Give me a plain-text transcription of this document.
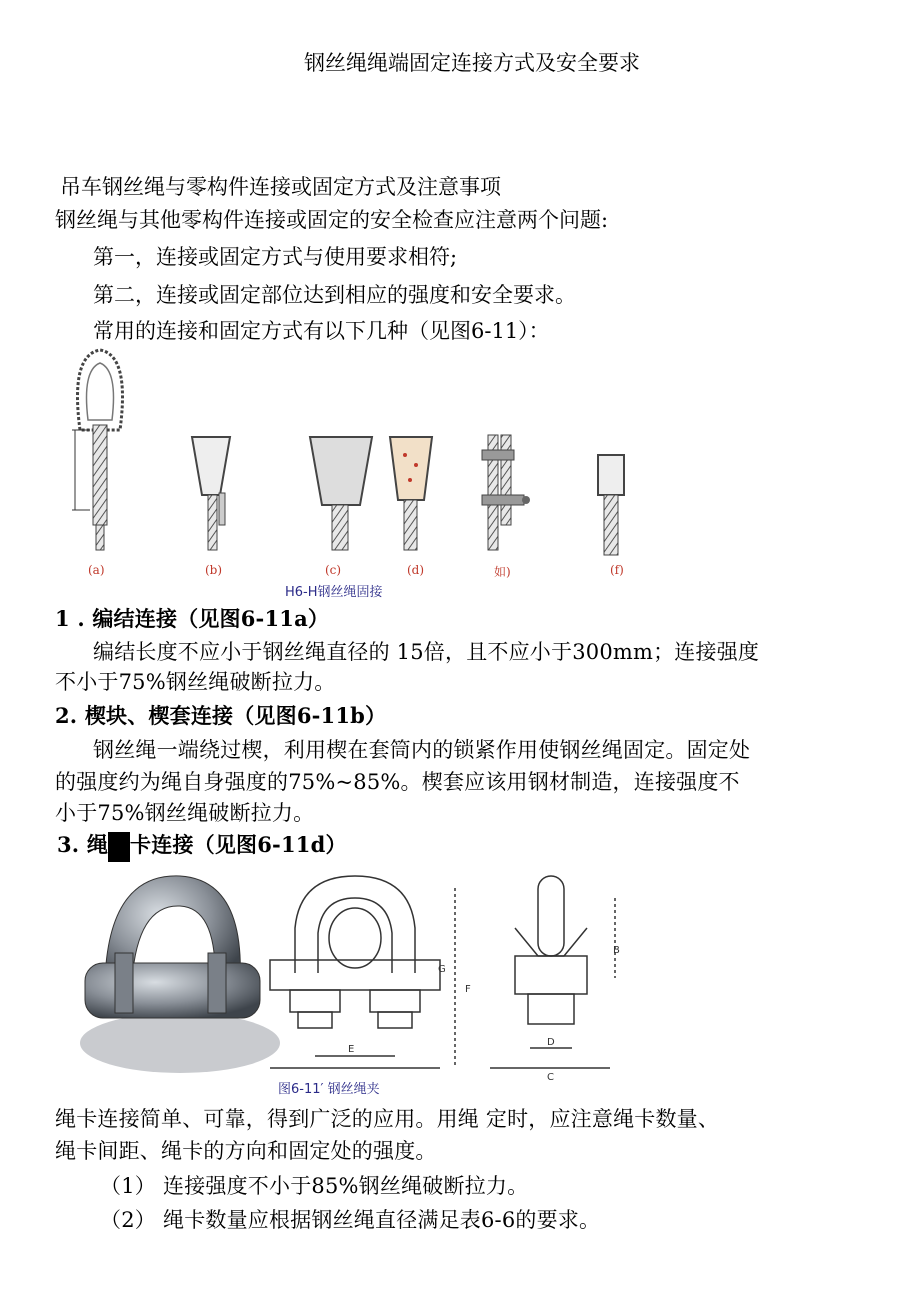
钢丝绳绳端固定连接方式及安全要求
吊车钢丝绳与零构件连接或固定方式及注意事项
钢丝绳与其他零构件连接或固定的安全检查应注意两个问题:
第一，连接或固定方式与使用要求相符;
第二，连接或固定部位达到相应的强度和安全要求。
常用的连接和固定方式有以下几种（见图6-11）：
(a)	(b)	(c)	(d)	如)	(f)
H6-H钢丝绳固接
1 . 编结连接（见图6-11a）
编结长度不应小于钢丝绳直径的 15倍，且不应小于300mm；连接强度
不小于75%钢丝绳破断拉力。
2. 楔块、楔套连接（见图6-11b）
钢丝绳一端绕过楔，利用楔在套筒内的锁紧作用使钢丝绳固定。固定处
的强度约为绳自身强度的75%~85%。楔套应该用钢材制造，连接强度不
小于75%钢丝绳破断拉力。
3. 绳 卡连接（见图6-11d）
E
G
F
B
D
C
图6-11′ 钢丝绳夹
绳卡连接简单、可靠，得到广泛的应用。用绳 定时，应注意绳卡数量、
绳卡间距、绳卡的方向和固定处的强度。
（1） 连接强度不小于85%钢丝绳破断拉力。
（2） 绳卡数量应根据钢丝绳直径满足表6-6的要求。
